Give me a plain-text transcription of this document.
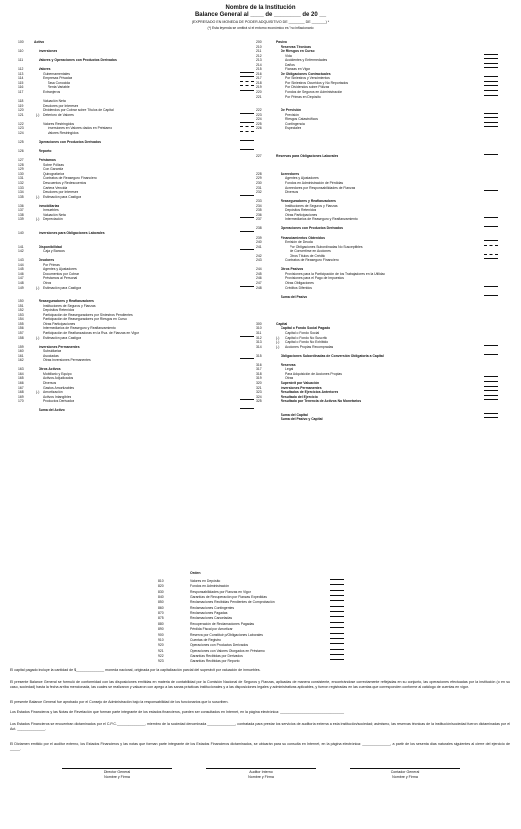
Nombre de la Institución
Balance General al ____ de ________ de 20 __
(EXPRESADO EN MONEDA DE PODER ADQUISITIVO DE ________ DE _______) *
(*) Esta leyenda se omitirá si el entorno económico es "no inflacionario
100	Activo
110	Inversiones
111	Valores y Operaciones con Productos Derivados
112	Valores
113	Gubernamentales
114	Empresas Privadas
115	Tasa Conocida
116	Renta Variable
117	Extranjeros
118	Valuación Neta
119	Deudores por Intereses
120	Dividendos por Cobrar sobre Títulos de Capital
121	(-) Deterioro de Valores
122	Valores Restringidos
123	Inversiones en Valores dados en Préstamo
124	Valores Restringidos
125	Operaciones con Productos Derivados
126	Reporto
127	Préstamos
128	Sobre Pólizas
129	Con Garantía
130	Quirografarios
131	Contratos de Reaseguro Financiero
132	Descuentos y Redescuentos
133	Cartera Vencida
134	Deudores por Intereses
135	(-) Estimación para Castigos
136	Inmobiliarias
137	Inmuebles
138	Valuación Neta
139	(-) Depreciación
140	Inversiones para Obligaciones Laborales
141	Disponibilidad
142	Caja y Bancos
143	Deudores
144	Por Primas
145	Agentes y Ajustadores
146	Documentos por Cobrar
147	Préstamos al Personal
148	Otros
149	(-) Estimación para Castigos
150	Reaseguradores y Reafianzadores
151	Instituciones de Seguros y Fianzas
152	Depósitos Retenidos
153	Participación de Reaseguradores por Siniestros Pendientes
154	Participación de Reaseguradores por Riesgos en Curso
155	Otras Participaciones
156	Intermediarios de Reaseguro y Reafianzamiento
157	Participación de Reafianzadoras en la Rva. de Fianzas en Vigor
158	(-) Estimación para Castigos
159	Inversiones Permanentes
160	Subsidiarias
161	Asociadas
162	Otras Inversiones Permanentes
163	Otros Activos
164	Mobiliario y Equipo
165	Activos Adjudicados
166	Diversos
167	Gastos Amortizables
168	(-) Amortización
169	Activos Intangibles
170	Productos Derivados
Suma del Activo
200	Pasivo
210	Reservas Técnicas
211	De Riesgos en Curso
212	Vida
213	Accidentes y Enfermedades
214	Daños
215	Fianzas en Vigor
216	De Obligaciones Contractuales
217	Por Siniestros y Vencimientos
218	Por Siniestros Ocurridos y No Reportados
219	Por Dividendos sobre Pólizas
220	Fondos de Seguros en Administración
221	Por Primas en Depósito
222	De Previsión
223	Previsión
224	Riesgos Catastróficos
225	Contingencia
226	Especiales
227	Reservas para Obligaciones Laborales
228	Acreedores
229	Agentes y Ajustadores
230	Fondos en Administración de Pérdidas
231	Acreedores por Responsabilidades de Fianzas
232	Diversos
233	Reaseguradores y Reafianzadores
234	Instituciones de Seguros y Fianzas
235	Depósitos Retenidos
236	Otras Participaciones
237	Intermediarios de Reaseguro y Reafianzamiento
238	Operaciones con Productos Derivados
239	Financiamientos Obtenidos
240	Emisión de Deuda
241	Por Obligaciones Subordinadas No Susceptibles
de Convertirse en Acciones
242	Otros Títulos de Crédito
243	Contratos de Reaseguro Financiero
244	Otros Pasivos
245	Provisiones para la Participación de los Trabajadores en la Utilidad
246	Provisiones para el Pago de Impuestos
247	Otras Obligaciones
248	Créditos Diferidos
Suma del Pasivo
300	Capital
310	Capital o Fondo Social Pagado
311	Capital o Fondo Social
312	(-) Capital o Fondo No Suscrito
313	(-) Capital o Fondo No Exhibido
314	(-) Acciones Propias Recompradas
315	Obligaciones Subordinadas de Conversión Obligatoria a Capital
316	Reservas
317	Legal
318	Para Adquisición de Acciones Propias
319	Otras
320	Superávit por Valuación
321	Inversiones Permanentes
323	Resultados de Ejercicios Anteriores
324	Resultado del Ejercicio
325	Resultado por Tenencia de Activos No Monetarios
Suma del Capital
Suma del Pasivo y Capital
Orden
810	Valores en Depósito
820	Fondos en Administración
830	Responsabilidades por Fianzas en Vigor
840	Garantías de Recuperación por Fianzas Expedidas
850	Reclamaciones Recibidas Pendientes de Comprobación
860	Reclamaciones Contingentes
870	Reclamaciones Pagadas
875	Reclamaciones Canceladas
880	Recuperación de Reclamaciones Pagadas
890	Pérdida Fiscal por Amortizar
900	Reserva por Constituir p/Obligaciones Laborales
910	Cuentas de Registro
920	Operaciones con Productos Derivados
921	Operaciones con Valores Otorgados en Préstamo
922	Garantías Recibidas por Derivados
923	Garantías Recibidas por Reporto
El capital pagado incluye la cantidad de $______________ moneda nacional, originada por la capitalización parcial del superávit por valuación de inmuebles.
El presente Balance General se formuló de conformidad con las disposiciones emitidas en materia de contabilidad por la Comisión Nacional de Seguros y Fianzas, aplicadas de manera consistente, encontrándose correctamente reflejadas en su conjunto, las operaciones efectuadas por la institución (o en su caso, sociedad) hasta la fecha arriba mencionada, las cuales se realizaron y valuaron con apego a las sanas prácticas institucionales y a las disposiciones legales y administrativas aplicables, y fueron registradas en las cuentas que corresponden conforme al catálogo de cuentas en vigor.
El presente Balance General fue aprobado por el Consejo de Administración bajo la responsabilidad de los funcionarios que lo suscriben.
Los Estados Financieros y las Notas de Revelación que forman parte integrante de los estados financieros, pueden ser consultados en Internet, en la página electrónica: ________________________________
Los Estados Financieros se encuentran dictaminados por el C.P.C.______________, miembro de la sociedad denominada ______________, contratada para prestar los servicios de auditoría externa a esta institución/sociedad; asimismo, las reservas técnicas de la institución/sociedad fueron dictaminadas por el Act. ______________.
El Dictamen emitido por el auditor externo, los Estados Financieros y las notas que forman parte integrante de los Estados Financieros dictaminados, se ubicarán para su consulta en Internet, en la página electrónica: ______________, a partir de los sesenta días naturales siguientes al cierre del ejercicio de _____.
Director General
Nombre y Firma
Auditor Interno
Nombre y Firma
Contador General
Nombre y Firma
